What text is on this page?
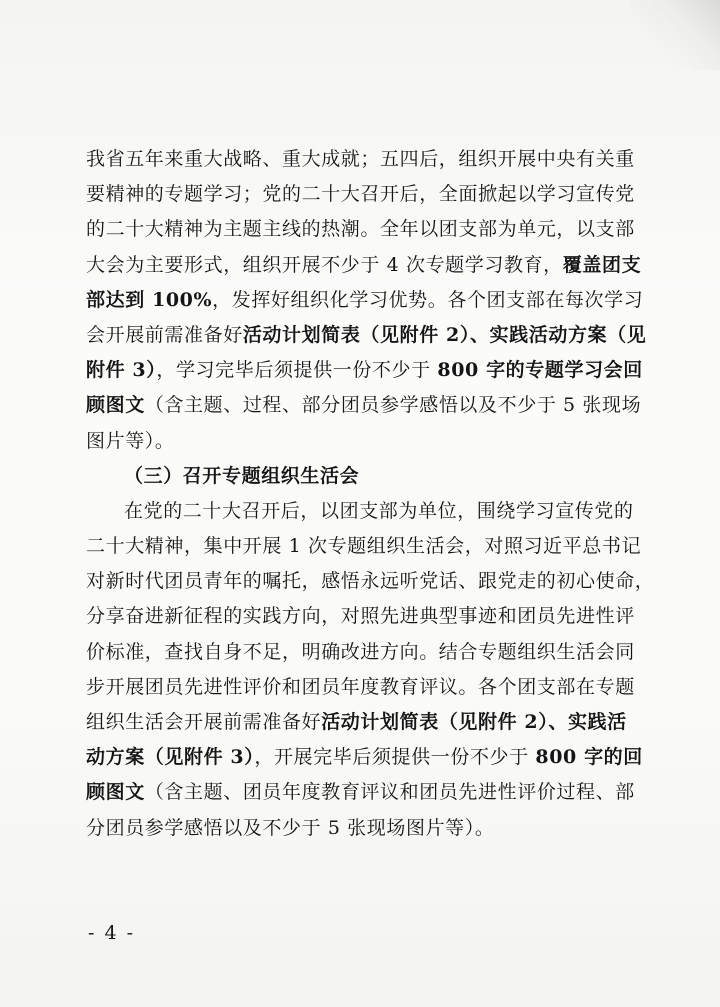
我省五年来重大战略、重大成就；五四后，组织开展中央有关重
要精神的专题学习；党的二十大召开后，全面掀起以学习宣传党
的二十大精神为主题主线的热潮。全年以团支部为单元，以支部
大会为主要形式，组织开展不少于 4 次专题学习教育，覆盖团支
部达到 100%，发挥好组织化学习优势。各个团支部在每次学习
会开展前需准备好活动计划简表（见附件 2）、实践活动方案（见
附件 3），学习完毕后须提供一份不少于 800 字的专题学习会回
顾图文（含主题、过程、部分团员参学感悟以及不少于 5 张现场
图片等）。
（三）召开专题组织生活会
在党的二十大召开后，以团支部为单位，围绕学习宣传党的
二十大精神，集中开展 1 次专题组织生活会，对照习近平总书记
对新时代团员青年的嘱托，感悟永远听党话、跟党走的初心使命，
分享奋进新征程的实践方向，对照先进典型事迹和团员先进性评
价标准，查找自身不足，明确改进方向。结合专题组织生活会同
步开展团员先进性评价和团员年度教育评议。各个团支部在专题
组织生活会开展前需准备好活动计划简表（见附件 2）、实践活
动方案（见附件 3），开展完毕后须提供一份不少于 800 字的回
顾图文（含主题、团员年度教育评议和团员先进性评价过程、部
分团员参学感悟以及不少于 5 张现场图片等）。
- 4 -
